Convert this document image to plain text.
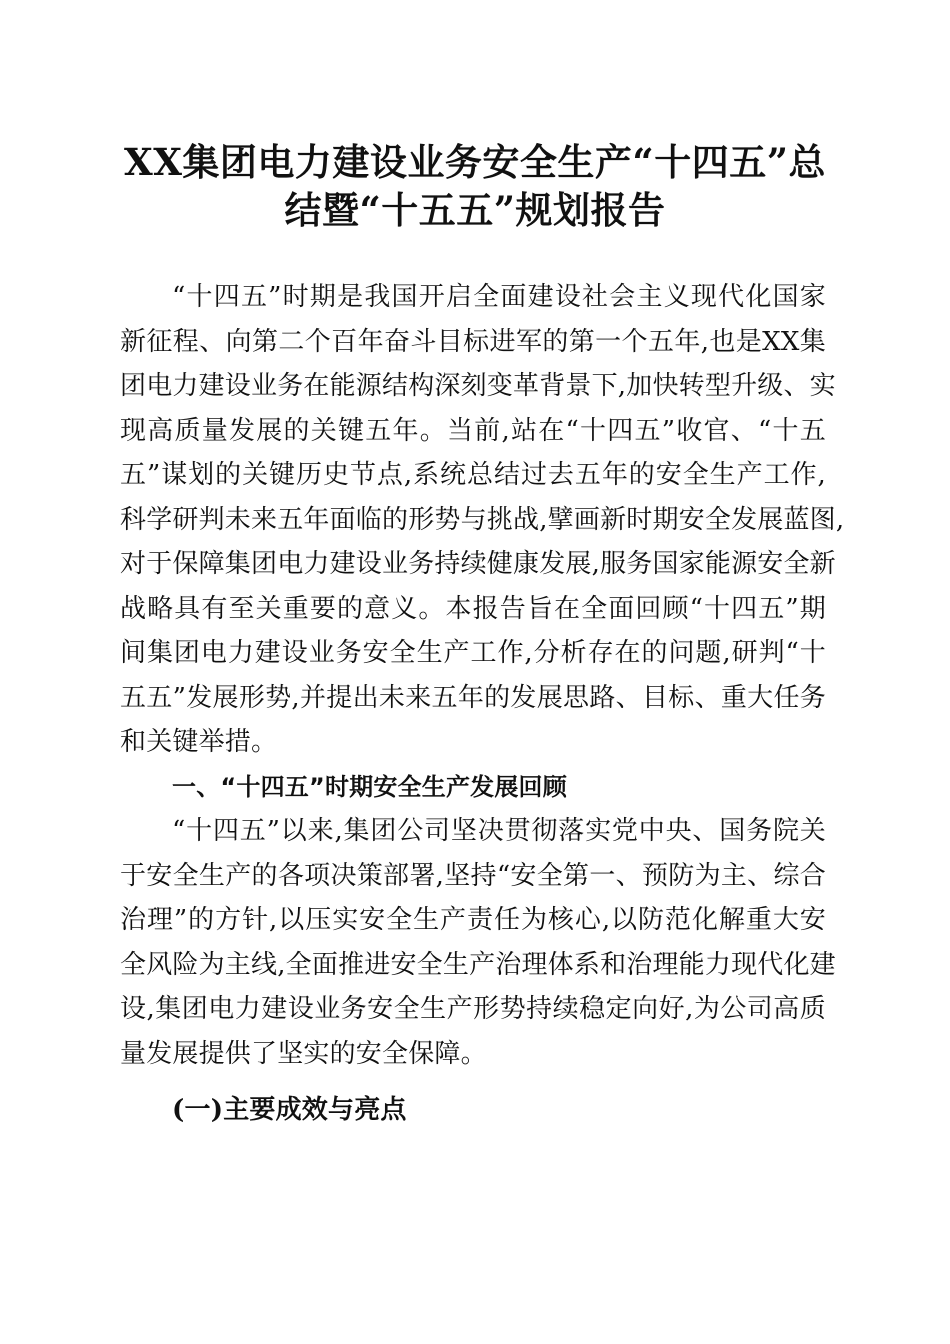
XX集团电力建设业务安全生产“十四五”总
结暨“十五五”规划报告
“十四五”时期是我国开启全面建设社会主义现代化国家
新征程、向第二个百年奋斗目标进军的第一个五年,也是XX集
团电力建设业务在能源结构深刻变革背景下,加快转型升级、实
现高质量发展的关键五年。当前,站在“十四五”收官、“十五
五”谋划的关键历史节点,系统总结过去五年的安全生产工作,
科学研判未来五年面临的形势与挑战,擘画新时期安全发展蓝图,
对于保障集团电力建设业务持续健康发展,服务国家能源安全新
战略具有至关重要的意义。本报告旨在全面回顾“十四五”期
间集团电力建设业务安全生产工作,分析存在的问题,研判“十
五五”发展形势,并提出未来五年的发展思路、目标、重大任务
和关键举措。
一、“十四五”时期安全生产发展回顾
“十四五”以来,集团公司坚决贯彻落实党中央、国务院关
于安全生产的各项决策部署,坚持“安全第一、预防为主、综合
治理”的方针,以压实安全生产责任为核心,以防范化解重大安
全风险为主线,全面推进安全生产治理体系和治理能力现代化建
设,集团电力建设业务安全生产形势持续稳定向好,为公司高质
量发展提供了坚实的安全保障。
(一)主要成效与亮点
